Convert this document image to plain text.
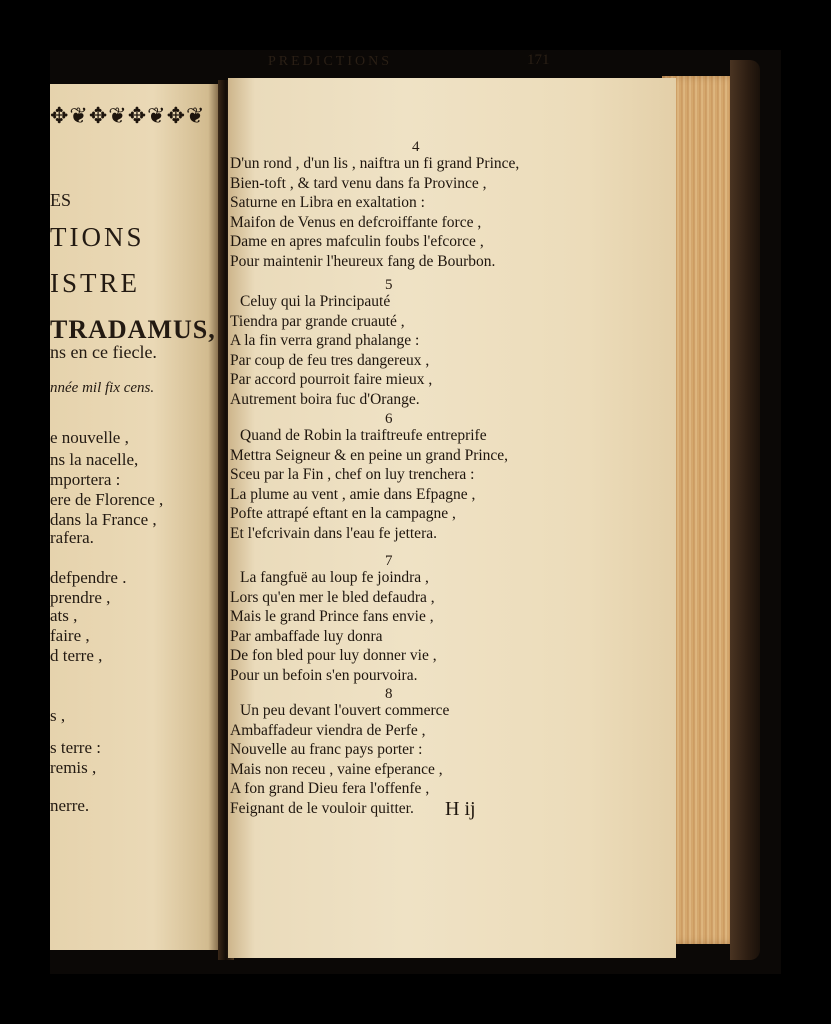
✥❦✥❦✥❦✥❦
ES
TIONS
ISTRE
TRADAMUS,
ns en ce fiecle.
nnée mil fix cens.
e nouvelle ,
ns la nacelle,
mportera :
ere de Florence ,
dans la France ,
rafera.
defpendre .
prendre ,
ats ,
faire ,
d terre ,
s ,
s terre :
remis ,
nerre.
PREDICTIONS	171
4
D'un rond , d'un lis , naiftra un fi grand Prince,
Bien-toft , & tard venu dans fa Province ,
Saturne en Libra en exaltation :
Maifon de Venus en defcroiffante force ,
Dame en apres mafculin foubs l'efcorce ,
Pour maintenir l'heureux fang de Bourbon.
5
Celuy qui la Principauté
Tiendra par grande cruauté ,
A la fin verra grand phalange :
Par coup de feu tres dangereux ,
Par accord pourroit faire mieux ,
Autrement boira fuc d'Orange.
6
Quand de Robin la traiftreufe entreprife
Mettra Seigneur & en peine un grand Prince,
Sceu par la Fin , chef on luy trenchera :
La plume au vent , amie dans Efpagne ,
Pofte attrapé eftant en la campagne ,
Et l'efcrivain dans l'eau fe jettera.
7
La fangfuë au loup fe joindra ,
Lors qu'en mer le bled defaudra ,
Mais le grand Prince fans envie ,
Par ambaffade luy donra
De fon bled pour luy donner vie ,
Pour un befoin s'en pourvoira.
8
Un peu devant l'ouvert commerce
Ambaffadeur viendra de Perfe ,
Nouvelle au franc pays porter :
Mais non receu , vaine efperance ,
A fon grand Dieu fera l'offenfe ,
Feignant de le vouloir quitter. H ij
